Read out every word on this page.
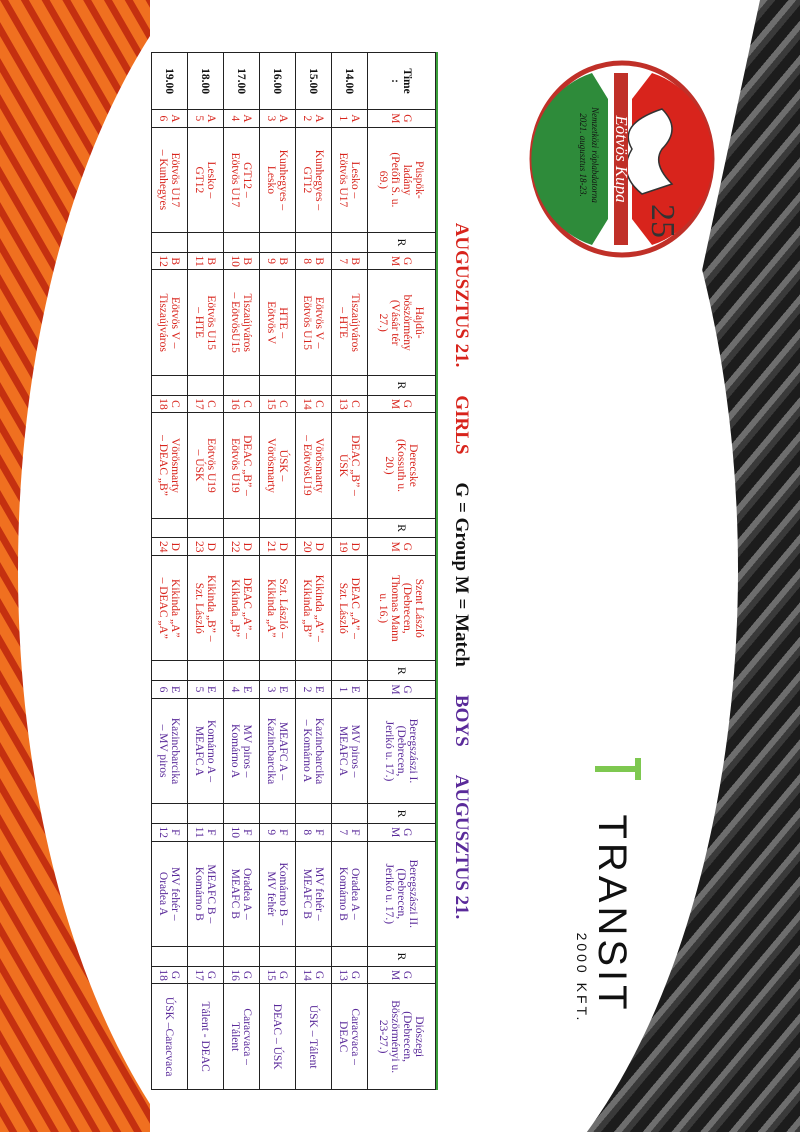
Eötvös Kupa
25
Nemzetközi röplabdatorna
2021. augusztus 18-23.
TRANSIT
2000 KFT.
AUGUSZTUS 21.
GIRLS
G = Group M = Match
BOYS
AUGUSZTUS 21.
Time
:	G
M	Püspök-
ladány
(Petőfi S. u.
69.)	R	G
M	Hajdú-
böszörmény
(Vásár tér
27.)	R	G
M	Derecske
(Kossuth u.
20.)	R	G
M	Szent László
(Debrecen,
Thomas Mann
u. 16.)	R	G
M	Beregszászi I.
(Debrecen,
Jerikó u. 17.)	R	G
M	Beregszászi II.
(Debrecen,
Jerikó u. 17.)	R	G
M	Diószegi
(Debrecen,
Böszörményi u.
23-27.)
14.00	A
1	Lesko –
Eötvös U17		B
7	Tiszaújváros
– HTE		C
13	DEAC „B” –
ÚSK		D
19	DEAC „A” –
Szt. László		E
1	MV piros –
MEAFC A		F
7	Oradea A –
Komárno B		G
13	Caracvaca –
DEAC
15.00	A
2	Kunhegyes –
GT12		B
8	Eötvös V –
Eötvös U15		C
14	Vörösmarty
– EötvösU19		D
20	Kikinda „A” –
Kikinda „B”		E
2	Kazincbarcika
– Komárno A		F
8	MV fehér –
MEAFC B		G
14	ÚSK – Tálent
16.00	A
3	Kunhegyes –
Lesko		B
9	HTE –
Eötvös V		C
15	ÚSK –
Vörösmarty		D
21	Szt. László –
Kikinda „A”		E
3	MEAFC A –
Kazincbarcika		F
9	Komárno B –
MV fehér		G
15	DEAC – ÚSK
17.00	A
4	GT12 –
Eötvös U17		B
10	Tiszaújváros
– EötvösU15		C
16	DEAC „B” –
Eötvös U19		D
22	DEAC „A” –
Kikinda „B”		E
4	MV piros –
Komárno A		F
10	Oradea A –
MEAFC B		G
16	Caracvaca –
Tálent
18.00	A
5	Lesko –
GT12		B
11	Eötvös U15
– HTE		C
17	Eötvös U19
– ÚSK		D
23	Kikinda „B” –
Szt. László		E
5	Komárno A –
MEAFC A		F
11	MEAFC B –
Komárno B		G
17	Tálent - DEAC
19.00	A
6	Eötvös U17
– Kunhegyes		B
12	Eötvös V –
Tiszaújváros		C
18	Vörösmarty
– DEAC „B”		D
24	Kikinda „A”
– DEAC „A”		E
6	Kazincbarcika
– MV piros		F
12	MV fehér –
Oradea A		G
18	ÚSK –Caracvaca
